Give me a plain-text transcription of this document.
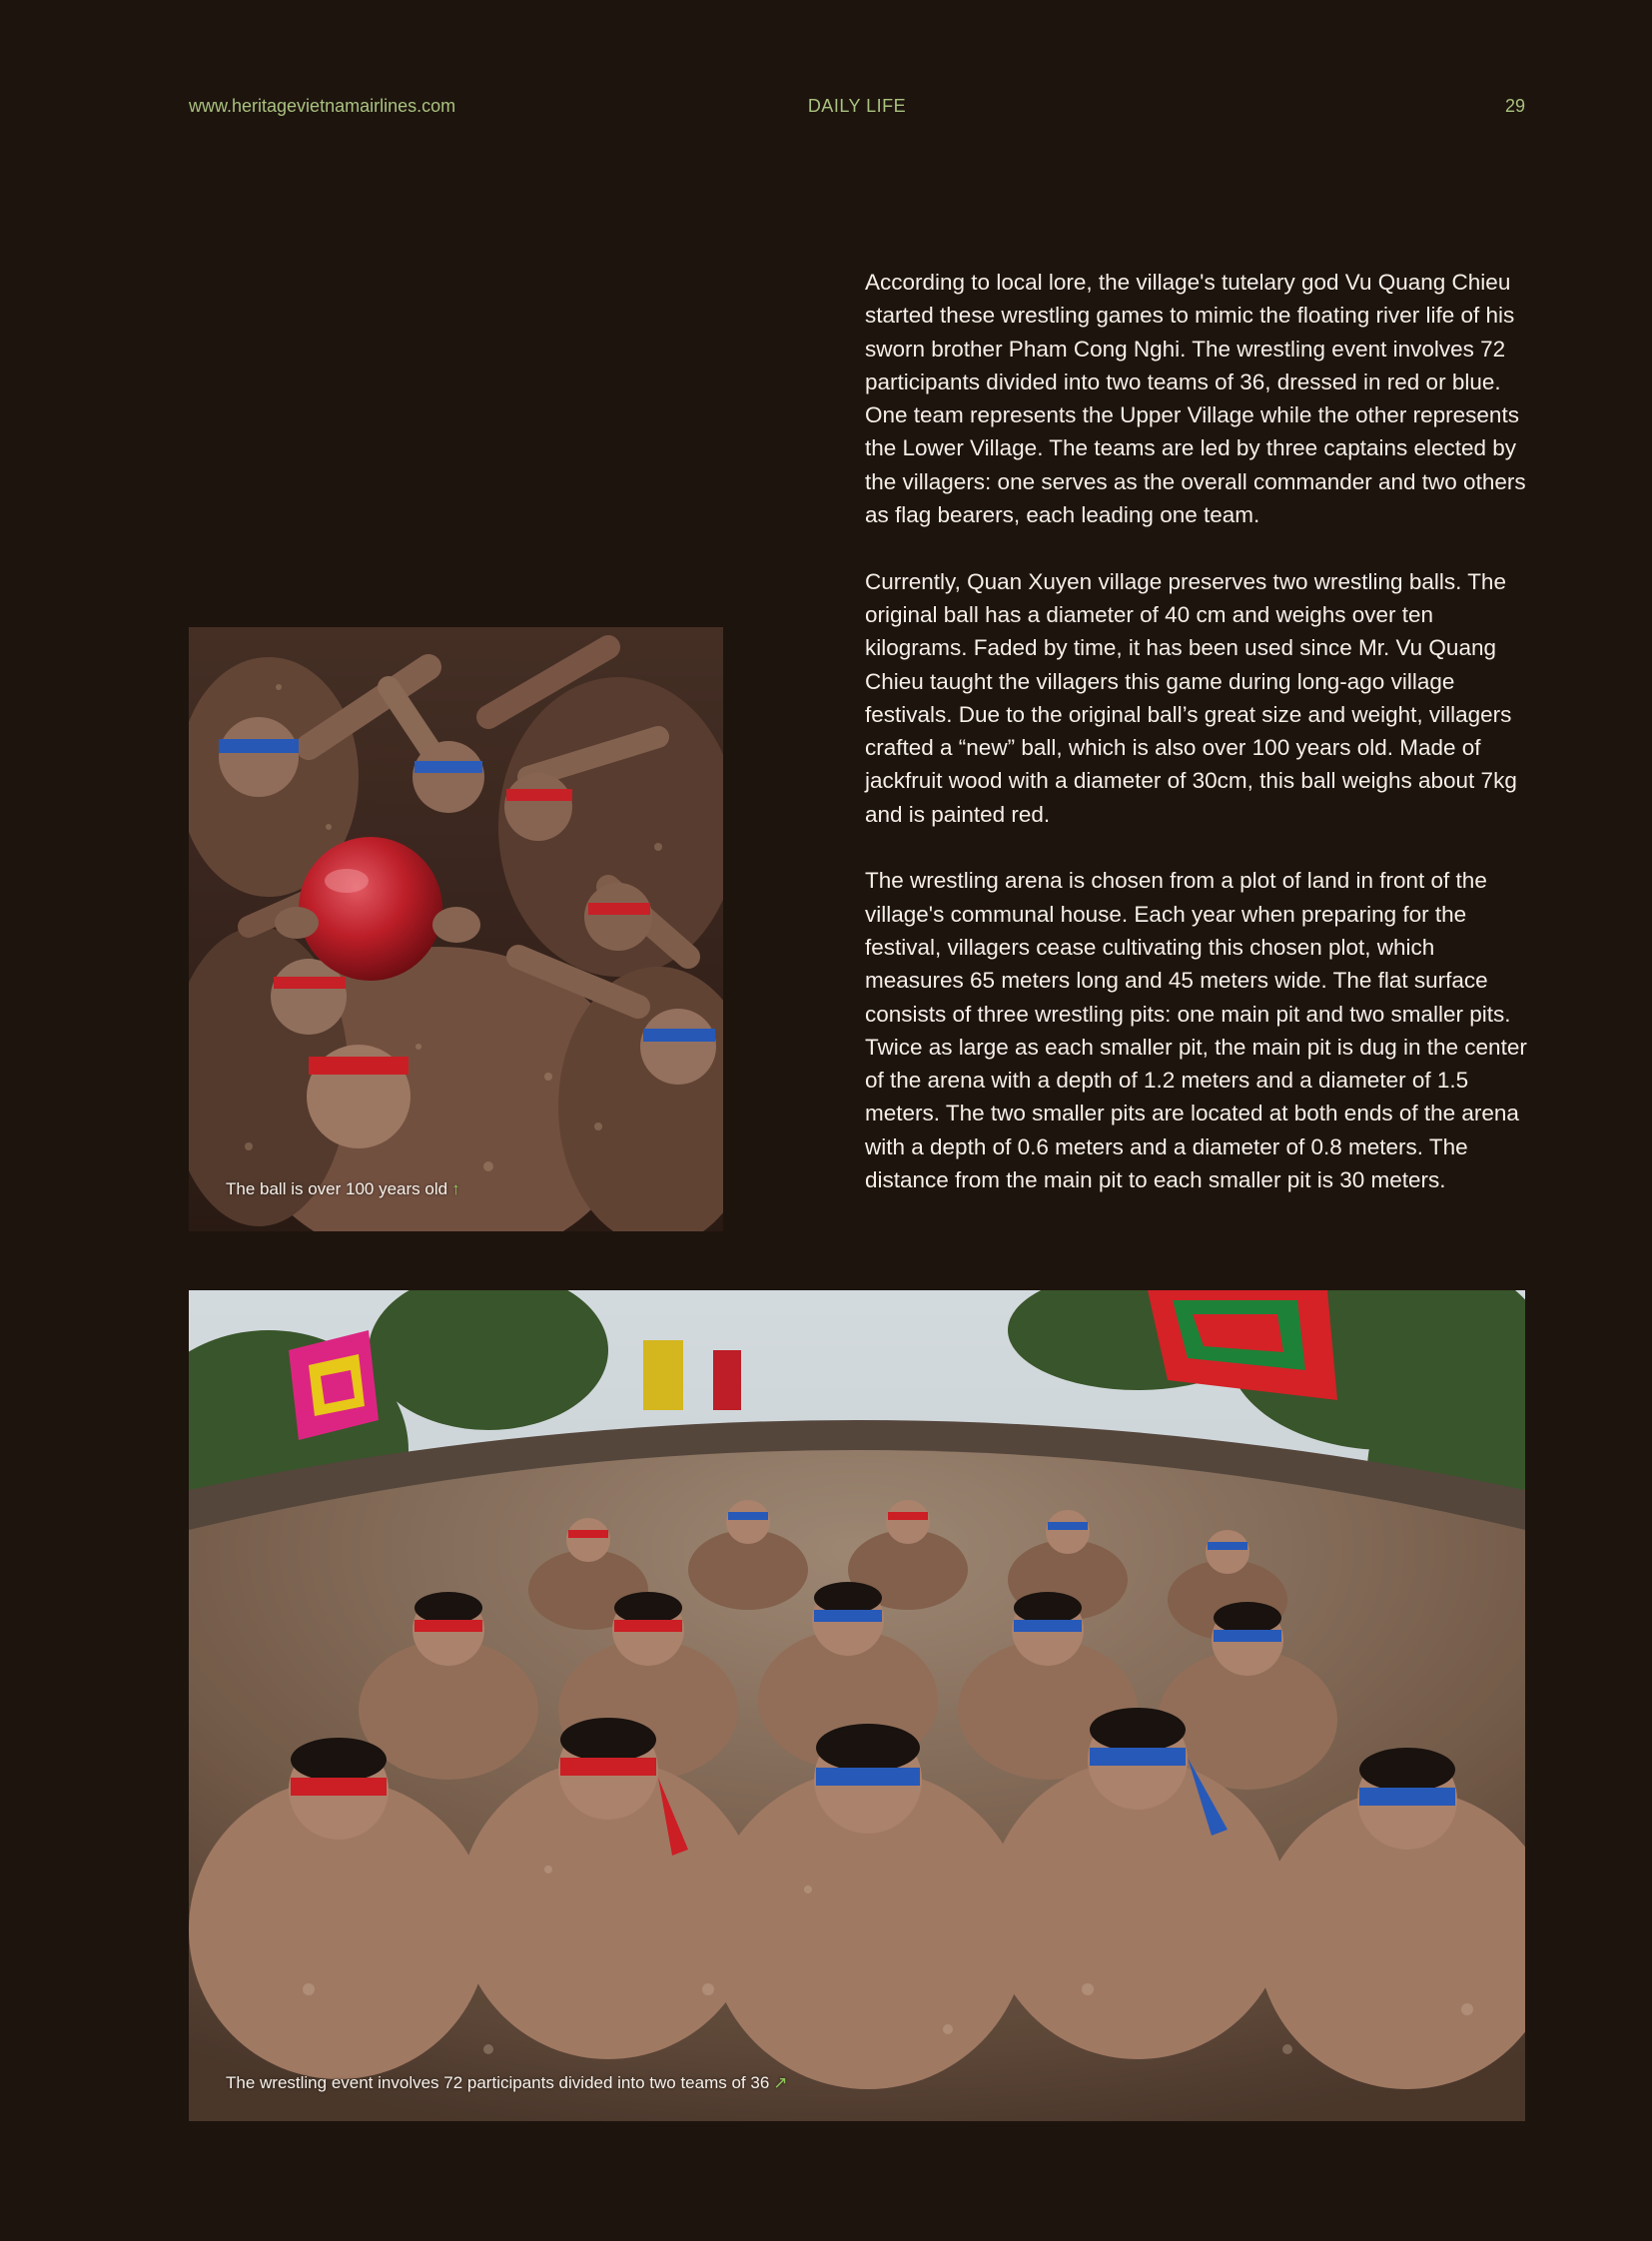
www.heritagevietnamairlines.com	DAILY LIFE	29

According to local lore, the village's tutelary god Vu Quang Chieu started these wrestling games to mimic the floating river life of his sworn brother Pham Cong Nghi. The wrestling event involves 72 participants divided into two teams of 36, dressed in red or blue. One team represents the Upper Village while the other represents the Lower Village. The teams are led by three captains elected by the villagers: one serves as the overall commander and two others as flag bearers, each leading one team.

Currently, Quan Xuyen village preserves two wrestling balls. The original ball has a diameter of 40 cm and weighs over ten kilograms. Faded by time, it has been used since Mr. Vu Quang Chieu taught the villagers this game during long-ago village festivals. Due to the original ball’s great size and weight, villagers crafted a “new” ball, which is also over 100 years old. Made of jackfruit wood with a diameter of 30cm, this ball weighs about 7kg and is painted red.

The wrestling arena is chosen from a plot of land in front of the village's communal house. Each year when preparing for the festival, villagers cease cultivating this chosen plot, which measures 65 meters long and 45 meters wide. The flat surface consists of three wrestling pits: one main pit and two smaller pits. Twice as large as each smaller pit, the main pit is dug in the center of the arena with a depth of 1.2 meters and a diameter of 1.5 meters. The two smaller pits are located at both ends of the arena with a depth of 0.6 meters and a diameter of 0.8 meters. The distance from the main pit to each smaller pit is 30 meters.

The ball is over 100 years old ↑
The wrestling event involves 72 participants divided into two teams of 36 ↗
